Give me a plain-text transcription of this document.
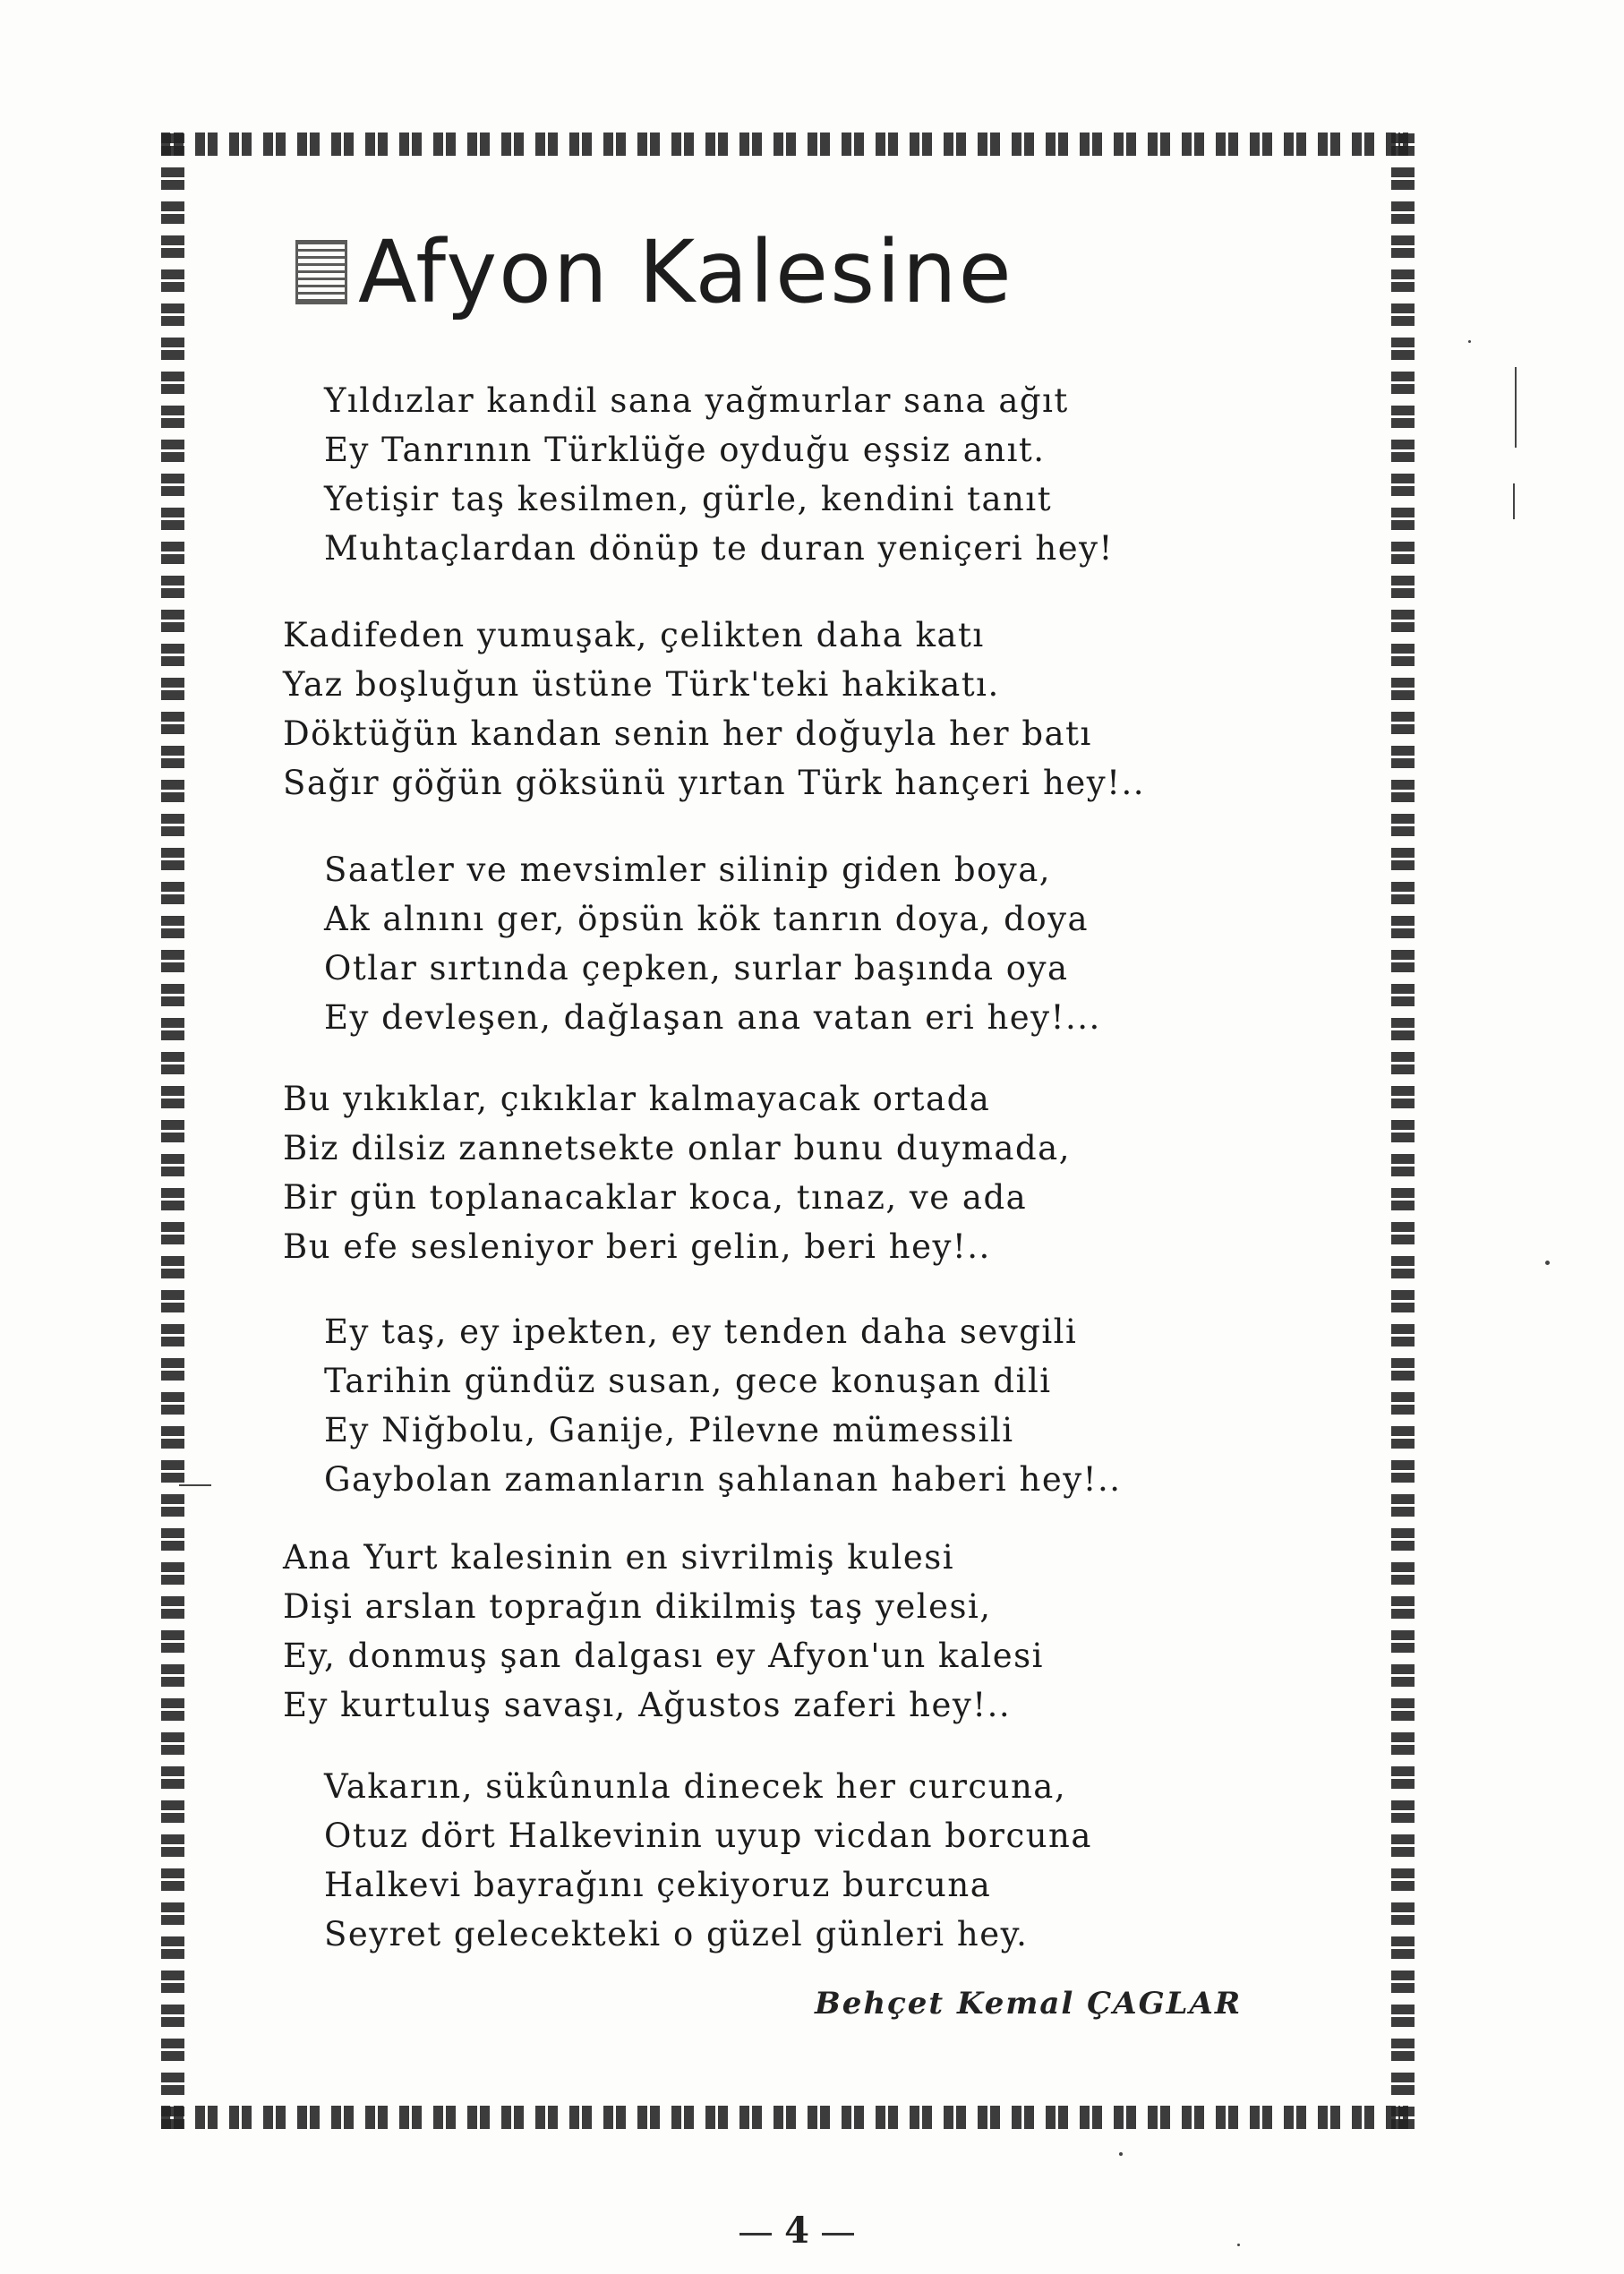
Afyon Kalesine

Yıldızlar kandil sana yağmurlar sana ağıt
Ey Tanrının Türklüğe oyduğu eşsiz anıt.
Yetişir taş kesilmen, gürle, kendini tanıt
Muhtaçlardan dönüp te duran yeniçeri hey!

Kadifeden yumuşak, çelikten daha katı
Yaz boşluğun üstüne Türk'teki hakikatı.
Döktüğün kandan senin her doğuyla her batı
Sağır göğün göksünü yırtan Türk hançeri hey!..

Saatler ve mevsimler silinip giden boya,
Ak alnını ger, öpsün kök tanrın doya, doya
Otlar sırtında çepken, surlar başında oya
Ey devleşen, dağlaşan ana vatan eri hey!...

Bu yıkıklar, çıkıklar kalmayacak ortada
Biz dilsiz zannetsekte onlar bunu duymada,
Bir gün toplanacaklar koca, tınaz, ve ada
Bu efe sesleniyor beri gelin, beri hey!..

Ey taş, ey ipekten, ey tenden daha sevgili
Tarihin gündüz susan, gece konuşan dili
Ey Niğbolu, Ganije, Pilevne mümessili
Gaybolan zamanların şahlanan haberi hey!..

Ana Yurt kalesinin en sivrilmiş kulesi
Dişi arslan toprağın dikilmiş taş yelesi,
Ey, donmuş şan dalgası ey Afyon'un kalesi
Ey kurtuluş savaşı, Ağustos zaferi hey!..

Vakarın, sükûnunla dinecek her curcuna,
Otuz dört Halkevinin uyup vicdan borcuna
Halkevi bayrağını çekiyoruz burcuna
Seyret gelecekteki o güzel günleri hey.

Behçet Kemal ÇAGLAR
4
